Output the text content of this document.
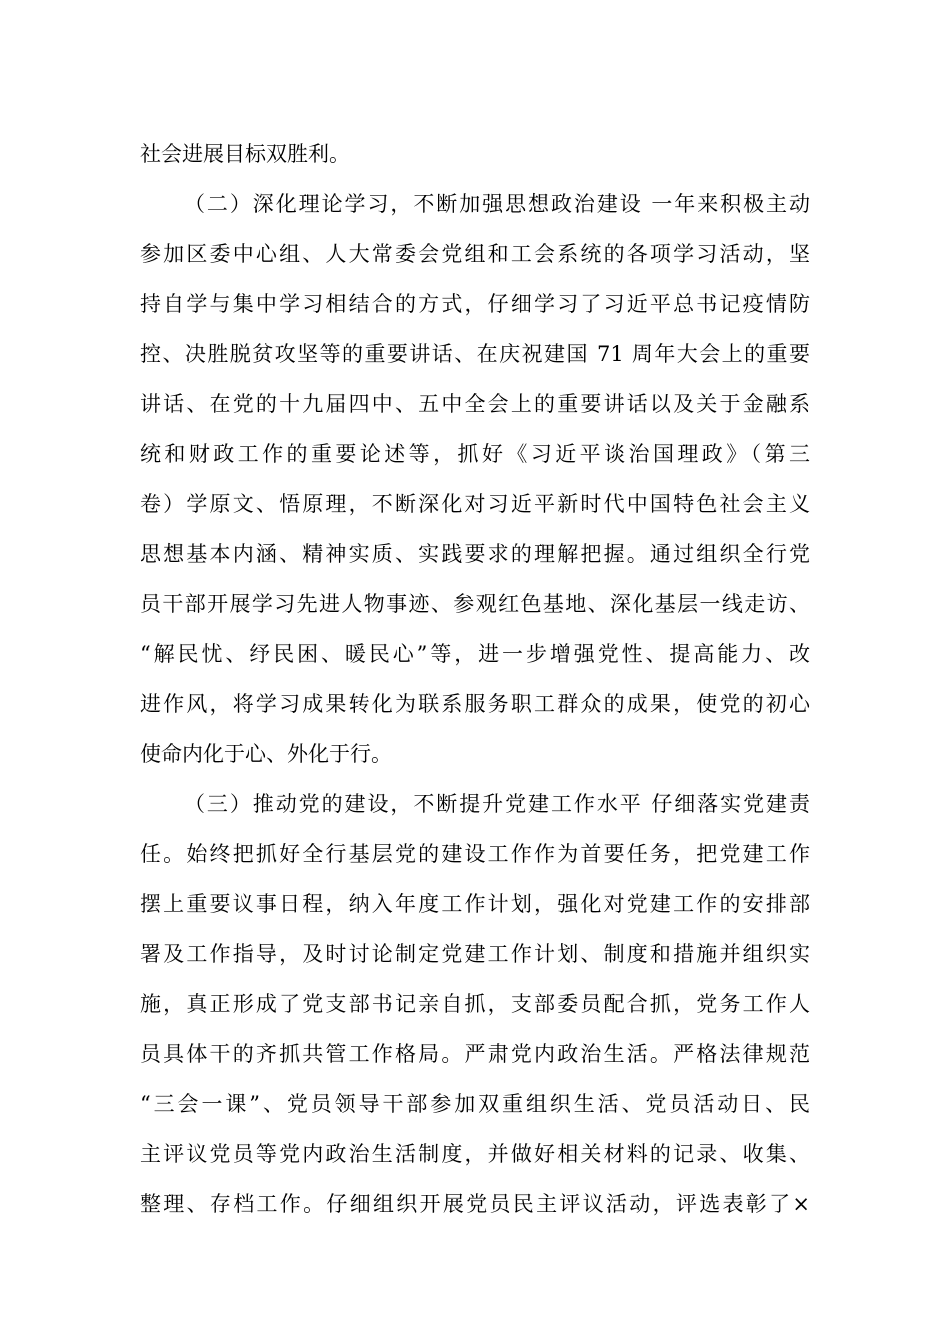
社会进展目标双胜利。
（二）深化理论学习，不断加强思想政治建设 一年来积极主动
参加区委中心组、人大常委会党组和工会系统的各项学习活动，坚
持自学与集中学习相结合的方式，仔细学习了习近平总书记疫情防
控、决胜脱贫攻坚等的重要讲话、在庆祝建国 71 周年大会上的重要
讲话、在党的十九届四中、五中全会上的重要讲话以及关于金融系
统和财政工作的重要论述等，抓好《习近平谈治国理政》（第三
卷）学原文、悟原理，不断深化对习近平新时代中国特色社会主义
思想基本内涵、精神实质、实践要求的理解把握。通过组织全行党
员干部开展学习先进人物事迹、参观红色基地、深化基层一线走访、
“解民忧、纾民困、暖民心”等，进一步增强党性、提高能力、改
进作风，将学习成果转化为联系服务职工群众的成果，使党的初心
使命内化于心、外化于行。
（三）推动党的建设，不断提升党建工作水平 仔细落实党建责
任。始终把抓好全行基层党的建设工作作为首要任务，把党建工作
摆上重要议事日程，纳入年度工作计划，强化对党建工作的安排部
署及工作指导，及时讨论制定党建工作计划、制度和措施并组织实
施，真正形成了党支部书记亲自抓，支部委员配合抓，党务工作人
员具体干的齐抓共管工作格局。严肃党内政治生活。严格法律规范
“三会一课”、党员领导干部参加双重组织生活、党员活动日、民
主评议党员等党内政治生活制度，并做好相关材料的记录、收集、
整理、存档工作。仔细组织开展党员民主评议活动，评选表彰了×
